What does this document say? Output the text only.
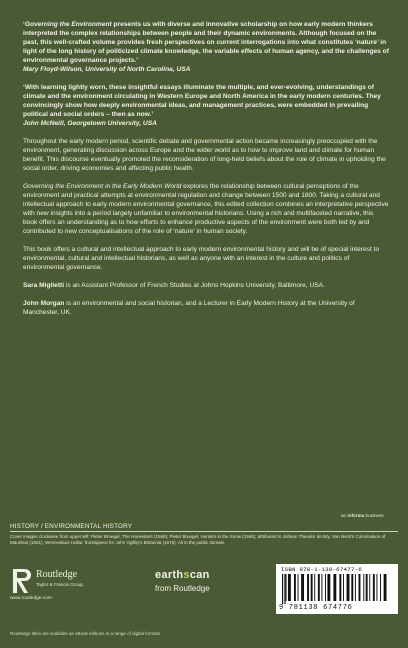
‘Governing the Environment presents us with diverse and innovative scholarship on how early modern thinkers interpreted the complex relationships between people and their dynamic environments. Although focused on the past, this well-crafted volume provides fresh perspectives on current interrogations into what constitutes ‘nature’ in light of the long history of politicized climate knowledge, the variable effects of human agency, and the challenges of environmental governance projects.’
Mary Floyd-Wilson, University of North Carolina, USA

‘With learning lightly worn, these insightful essays illuminate the multiple, and ever-evolving, understandings of climate and the environment circulating in Western Europe and North America in the early modern centuries. They convincingly show how deeply environmental ideas, and management practices, were embedded in prevailing political and social orders – then as now.’
John McNeill, Georgetown University, USA

Throughout the early modern period, scientific debate and governmental action became increasingly preoccupied with the environment, generating discussion across Europe and the wider world as to how to improve land and climate for human benefit. This discourse eventually promoted the reconsideration of long-held beliefs about the role of climate in upholding the social order, driving economies and affecting public health.

Governing the Environment in the Early Modern World explores the relationship between cultural perceptions of the environment and practical attempts at environmental regulation and change between 1500 and 1800. Taking a cultural and intellectual approach to early modern environmental governance, this edited collection combines an interpretative perspective with new insights into a period largely unfamiliar to environmental historians. Using a rich and multifaceted narrative, this book offers an understanding as to how efforts to enhance productive aspects of the environment were both led by and contributed to new conceptualisations of the role of ‘nature’ in human society.

This book offers a cultural and intellectual approach to early modern environmental history and will be of special interest to environmental, cultural and intellectual historians, as well as anyone with an interest in the culture and politics of environmental governance.

Sara Miglietti is an Assistant Professor of French Studies at Johns Hopkins University, Baltimore, USA.

John Morgan is an environmental and social historian, and a Lecturer in Early Modern History at the University of Manchester, UK.

an informa business
HISTORY / ENVIRONMENTAL HISTORY
Cover images clockwise from upper left: Pieter Bruegel, The Harvesters (1565); Pieter Bruegel, Hunters in the Snow (1565); attributed to Johann Theodor de Bry, Van Neck's Colonisation of Mauritius (1601); Wenceslaus Hollar, frontispiece for John Ogilby's Britannia (1675). All in the public domain.
Routledge
Taylor & Francis Group
www.routledge.com
earthscan
from Routledge
ISBN 978-1-138-67477-6
9 781138 674776
Routledge titles are available as eBook editions in a range of digital formats
